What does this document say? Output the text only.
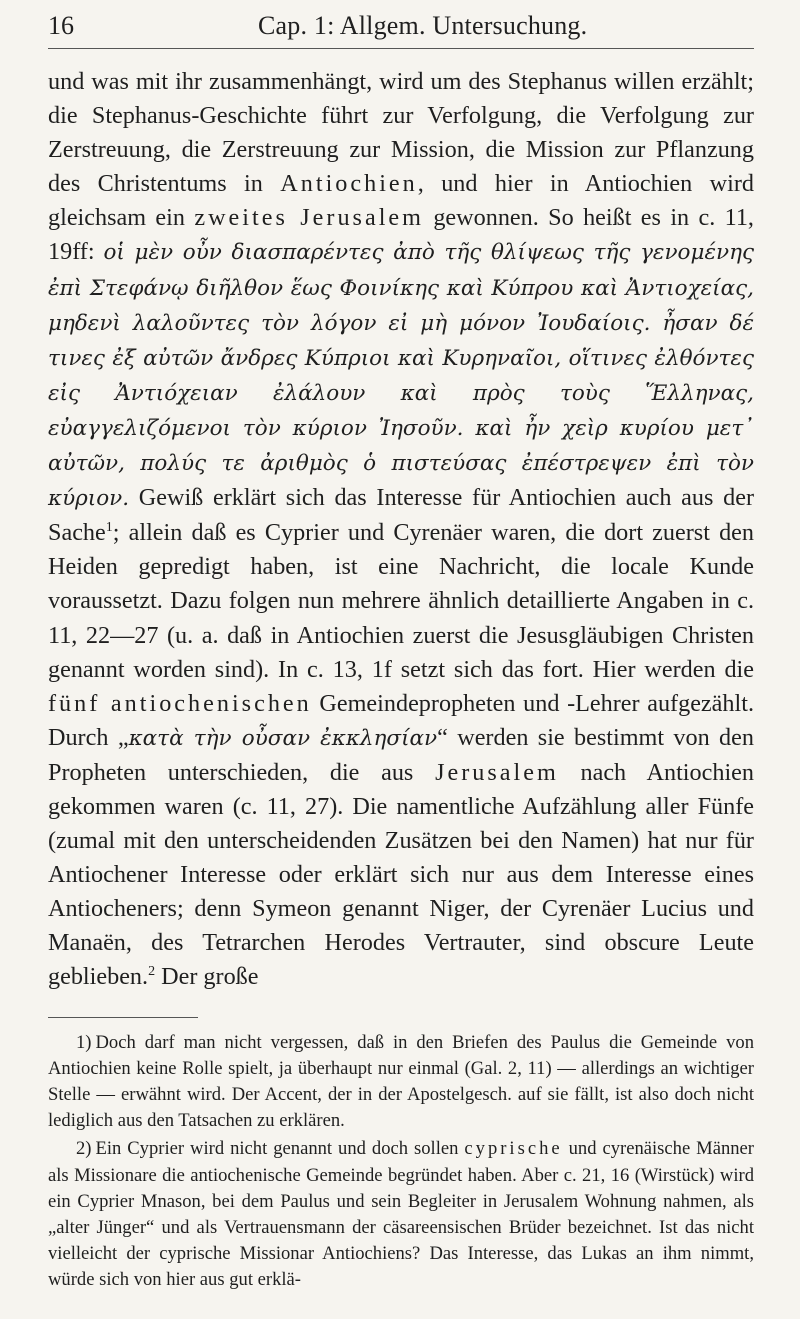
16	Cap. 1: Allgem. Untersuchung.

und was mit ihr zusammenhängt, wird um des Stephanus willen erzählt; die Stephanus-Geschichte führt zur Verfolgung, die Verfolgung zur Zerstreuung, die Zerstreuung zur Mission, die Mission zur Pflanzung des Christentums in Antiochien, und hier in Antiochien wird gleichsam ein zweites Jerusalem gewonnen. So heißt es in c. 11, 19ff: οἱ μὲν οὖν διασπαρέντες ἀπὸ τῆς θλίψεως τῆς γενομένης ἐπὶ Στεφάνῳ διῆλθον ἕως Φοινίκης καὶ Κύπρου καὶ Ἀντιοχείας, μηδενὶ λαλοῦντες τὸν λόγον εἰ μὴ μόνον Ἰουδαίοις. ἦσαν δέ τινες ἐξ αὐτῶν ἄνδρες Κύπριοι καὶ Κυρηναῖοι, οἵτινες ἐλθόντες εἰς Ἀντιόχειαν ἐλάλουν καὶ πρὸς τοὺς Ἕλληνας, εὐαγγελιζόμενοι τὸν κύριον Ἰησοῦν. καὶ ἦν χεὶρ κυρίου μετ᾽ αὐτῶν, πολύς τε ἀριθμὸς ὁ πιστεύσας ἐπέστρεψεν ἐπὶ τὸν κύριον. Gewiß erklärt sich das Interesse für Antiochien auch aus der Sache$^1$; allein daß es Cyprier und Cyrenäer waren, die dort zuerst den Heiden gepredigt haben, ist eine Nachricht, die locale Kunde voraussetzt. Dazu folgen nun mehrere ähnlich detaillierte Angaben in c. 11, 22—27 (u. a. daß in Antiochien zuerst die Jesusgläubigen Christen genannt worden sind). In c. 13, 1f setzt sich das fort. Hier werden die fünf antiochenischen Gemeindepropheten und -Lehrer aufgezählt. Durch „κατὰ τὴν οὖσαν ἐκκλησίαν“ werden sie bestimmt von den Propheten unterschieden, die aus Jerusalem nach Antiochien gekommen waren (c. 11, 27). Die namentliche Aufzählung aller Fünfe (zumal mit den unterscheidenden Zusätzen bei den Namen) hat nur für Antiochener Interesse oder erklärt sich nur aus dem Interesse eines Antiocheners; denn Symeon genannt Niger, der Cyrenäer Lucius und Manaën, des Tetrarchen Herodes Vertrauter, sind obscure Leute geblieben.$^2$ Der große

1) Doch darf man nicht vergessen, daß in den Briefen des Paulus die Gemeinde von Antiochien keine Rolle spielt, ja überhaupt nur einmal (Gal. 2, 11) — allerdings an wichtiger Stelle — erwähnt wird. Der Accent, der in der Apostelgesch. auf sie fällt, ist also doch nicht lediglich aus den Tatsachen zu erklären.

2) Ein Cyprier wird nicht genannt und doch sollen cyprische und cyrenäische Männer als Missionare die antiochenische Gemeinde begründet haben. Aber c. 21, 16 (Wirstück) wird ein Cyprier Mnason, bei dem Paulus und sein Begleiter in Jerusalem Wohnung nahmen, als „alter Jünger“ und als Vertrauensmann der cäsareensischen Brüder bezeichnet. Ist das nicht vielleicht der cyprische Missionar Antiochiens? Das Interesse, das Lukas an ihm nimmt, würde sich von hier aus gut erklä-
